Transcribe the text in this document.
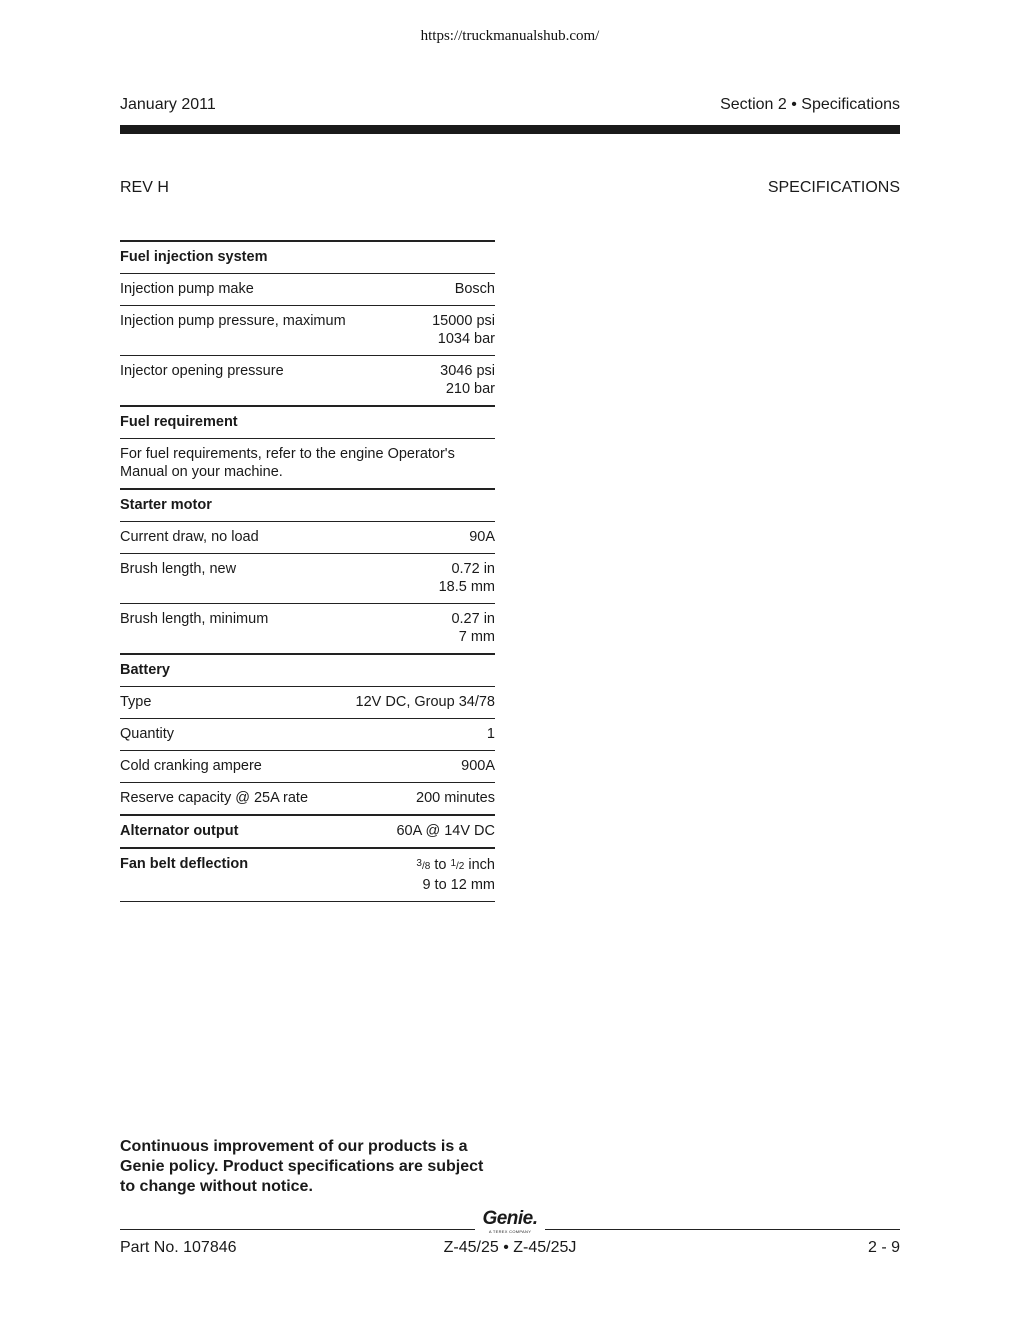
https://truckmanualshub.com/
January 2011	Section 2 • Specifications
REV H	SPECIFICATIONS
Fuel injection system
Injection pump make	Bosch
Injection pump pressure, maximum	15000 psi
1034 bar
Injector opening pressure	3046 psi
210 bar
Fuel requirement
For fuel requirements, refer to the engine Operator's Manual on your machine.
Starter motor
Current draw, no load	90A
Brush length, new	0.72 in
18.5 mm
Brush length, minimum	0.27 in
7 mm
Battery
Type	12V DC, Group 34/78
Quantity	1
Cold cranking ampere	900A
Reserve capacity @ 25A rate	200 minutes
Alternator output	60A @ 14V DC
Fan belt deflection	$^3$/8 to $^1$/2 inch
9 to 12 mm
Continuous improvement of our products is a Genie policy. Product specifications are subject to change without notice.
Genie.
A TEREX COMPANY
Part No. 107846	Z-45/25 • Z-45/25J	2 - 9
